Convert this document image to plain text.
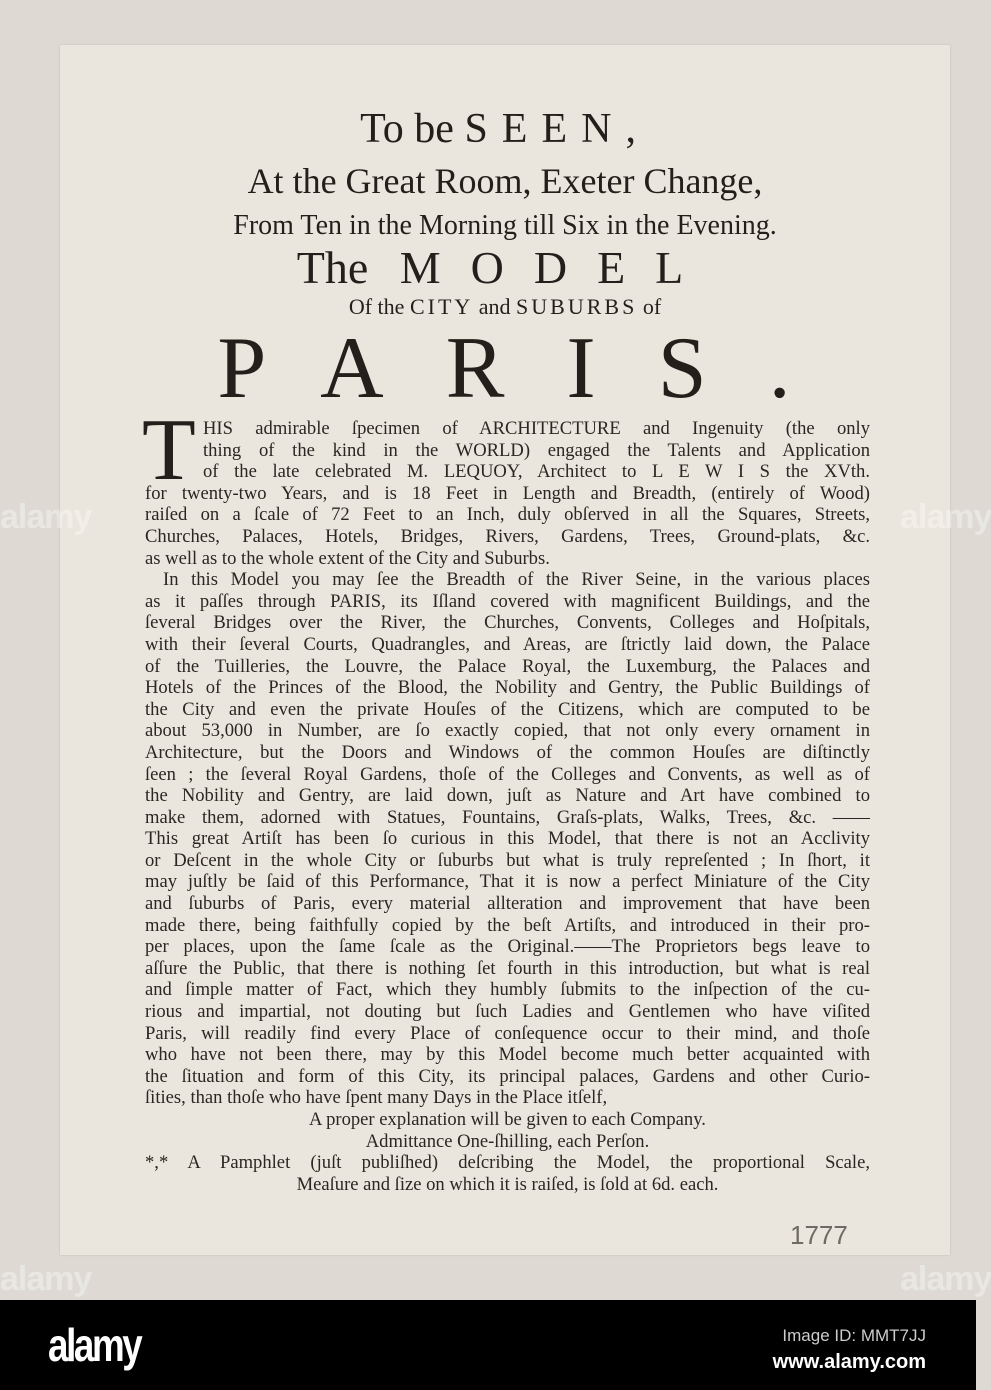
To be SEEN,
At the Great Room, Exeter Change,
From Ten in the Morning till Six in the Evening.
The MODEL
Of the CITY and SUBURBS of
PARIS.
T HIS admirable ſpecimen of ARCHITECTURE and Ingenuity (the only
thing of the kind in the WORLD) engaged the Talents and Application
of the late celebrated M. LEQUOY, Architect to L E W I S the XVth.
for twenty-two Years, and is 18 Feet in Length and Breadth, (entirely of Wood)
raiſed on a ſcale of 72 Feet to an Inch, duly obſerved in all the Squares, Streets,
Churches, Palaces, Hotels, Bridges, Rivers, Gardens, Trees, Ground-plats, &c.
as well as to the whole extent of the City and Suburbs.
In this Model you may ſee the Breadth of the River Seine, in the various places
as it paſſes through PARIS, its Iſland covered with magnificent Buildings, and the
ſeveral Bridges over the River, the Churches, Convents, Colleges and Hoſpitals,
with their ſeveral Courts, Quadrangles, and Areas, are ſtrictly laid down, the Palace
of the Tuilleries, the Louvre, the Palace Royal, the Luxemburg, the Palaces and
Hotels of the Princes of the Blood, the Nobility and Gentry, the Public Buildings of
the City and even the private Houſes of the Citizens, which are computed to be
about 53,000 in Number, are ſo exactly copied, that not only every ornament in
Architecture, but the Doors and Windows of the common Houſes are diſtinctly
ſeen ; the ſeveral Royal Gardens, thoſe of the Colleges and Convents, as well as of
the Nobility and Gentry, are laid down, juſt as Nature and Art have combined to
make them, adorned with Statues, Fountains, Graſs-plats, Walks, Trees, &c. ——
This great Artiſt has been ſo curious in this Model, that there is not an Acclivity
or Deſcent in the whole City or ſuburbs but what is truly repreſented ; In ſhort, it
may juſtly be ſaid of this Performance, That it is now a perfect Miniature of the City
and ſuburbs of Paris, every material allteration and improvement that have been
made there, being faithfully copied by the beſt Artiſts, and introduced in their pro-
per places, upon the ſame ſcale as the Original.——The Proprietors begs leave to
aſſure the Public, that there is nothing ſet fourth in this introduction, but what is real
and ſimple matter of Fact, which they humbly ſubmits to the inſpection of the cu-
rious and impartial, not douting but ſuch Ladies and Gentlemen who have viſited
Paris, will readily find every Place of conſequence occur to their mind, and thoſe
who have not been there, may by this Model become much better acquainted with
the ſituation and form of this City, its principal palaces, Gardens and other Curio-
ſities, than thoſe who have ſpent many Days in the Place itſelf,
A proper explanation will be given to each Company.
Admittance One-ſhilling, each Perſon.
*,* A Pamphlet (juſt publiſhed) deſcribing the Model, the proportional Scale,
Meaſure and ſize on which it is raiſed, is ſold at 6d. each.
1777
alamy	alamy
alamy	alamy
alamy	Image ID: MMT7JJ
www.alamy.com
